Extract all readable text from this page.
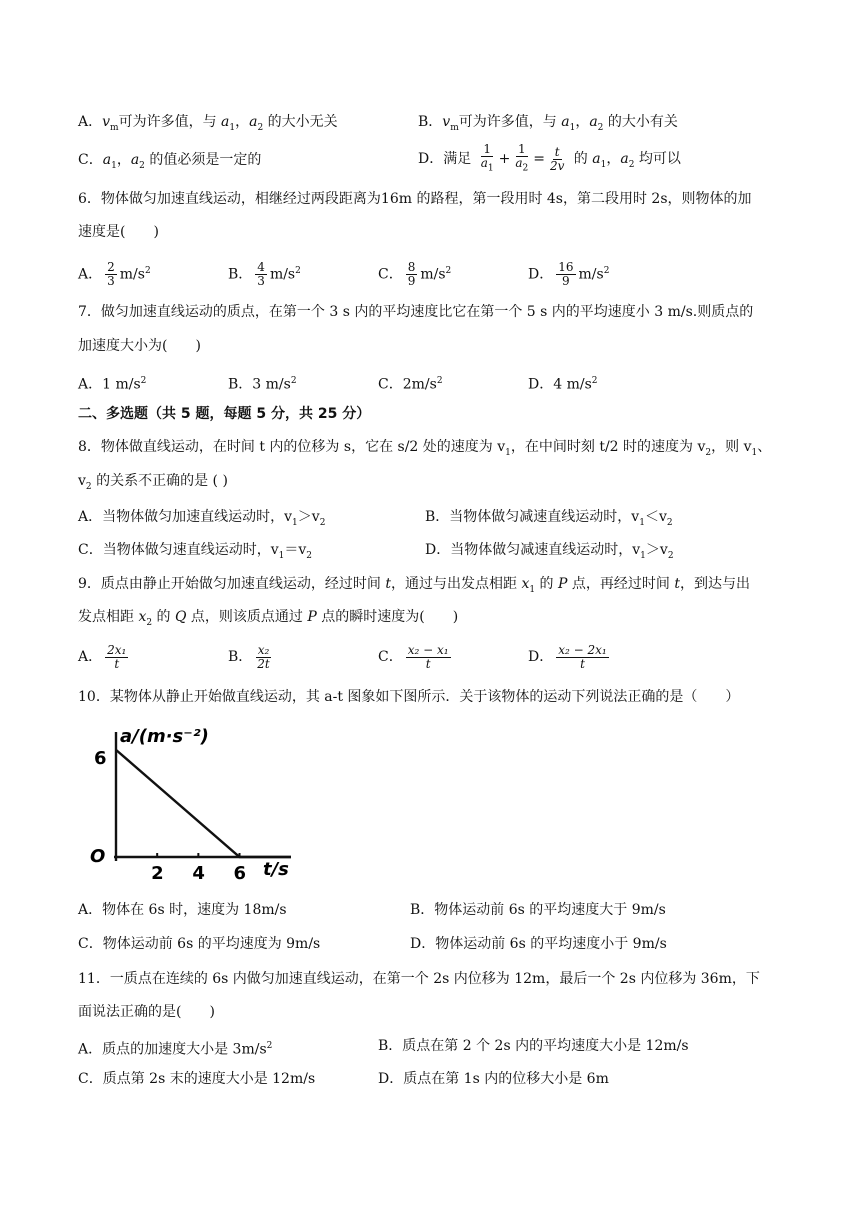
A．$v_m$可为许多值，与 $a_1$，$a_2$ 的大小无关	B．$v_m$可为许多值，与 $a_1$，$a_2$ 的大小有关
C．$a_1$，$a_2$ 的值必须是一定的	D．满足 $\frac{1}{a_1} + \frac{1}{a_2} = \frac{t}{2v}$ 的 $a_1$，$a_2$ 均可以
6．物体做匀加速直线运动，相继经过两段距离为16m 的路程，第一段用时 4s，第二段用时 2s，则物体的加
速度是(　　)
A． $\frac{2}{3} m/s^2$	B． $\frac{4}{3} m/s^2$	C． $\frac{8}{9} m/s^2$	D． $\frac{16}{9} m/s^2$
7．做匀加速直线运动的质点，在第一个 3 s 内的平均速度比它在第一个 5 s 内的平均速度小 3 m/s.则质点的
加速度大小为(　　)
A．1 $m/s^2$	B．3 $m/s^2$	C．$2m/s^2$	D．4 $m/s^2$
二、多选题（共 5 题，每题 5 分，共 25 分）
8．物体做直线运动，在时间 t 内的位移为 s，它在 s/2 处的速度为 $v_1$，在中间时刻 t/2 时的速度为 $v_2$，则 $v_1$、
$v_2$ 的关系不正确的是 ( )
A．当物体做匀加速直线运动时，$v_1>v_2$	B．当物体做匀减速直线运动时，$v_1<v_2$
C．当物体做匀速直线运动时，$v_1=v_2$	D．当物体做匀减速直线运动时，$v_1>v_2$
9．质点由静止开始做匀加速直线运动，经过时间 t，通过与出发点相距 $x_1$ 的 P 点，再经过时间 t，到达与出
发点相距 $x_2$ 的 Q 点，则该质点通过 P 点的瞬时速度为(　　)
A． $\frac{\text{2x₁}}{t}$	B． $\frac{\text{x₂}}{2t}$	C． $\frac{\text{x₂ − x₁}}{t}$	D． $\frac{\text{x₂ − 2x₁}}{t}$
10．某物体从静止开始做直线运动，其 a-t 图象如下图所示．关于该物体的运动下列说法正确的是（　　）
a/(m·s⁻²)
t/s
O
6
2 4 6
A．物体在 6s 时，速度为 18m/s	B．物体运动前 6s 的平均速度大于 9m/s
C．物体运动前 6s 的平均速度为 9m/s	D．物体运动前 6s 的平均速度小于 9m/s
11．一质点在连续的 6s 内做匀加速直线运动，在第一个 2s 内位移为 12m，最后一个 2s 内位移为 36m，下
面说法正确的是(　　)
A．质点的加速度大小是 $3m/s^2$	B．质点在第 2 个 2s 内的平均速度大小是 12m/s
C．质点第 2s 末的速度大小是 12m/s	D．质点在第 1s 内的位移大小是 6m
